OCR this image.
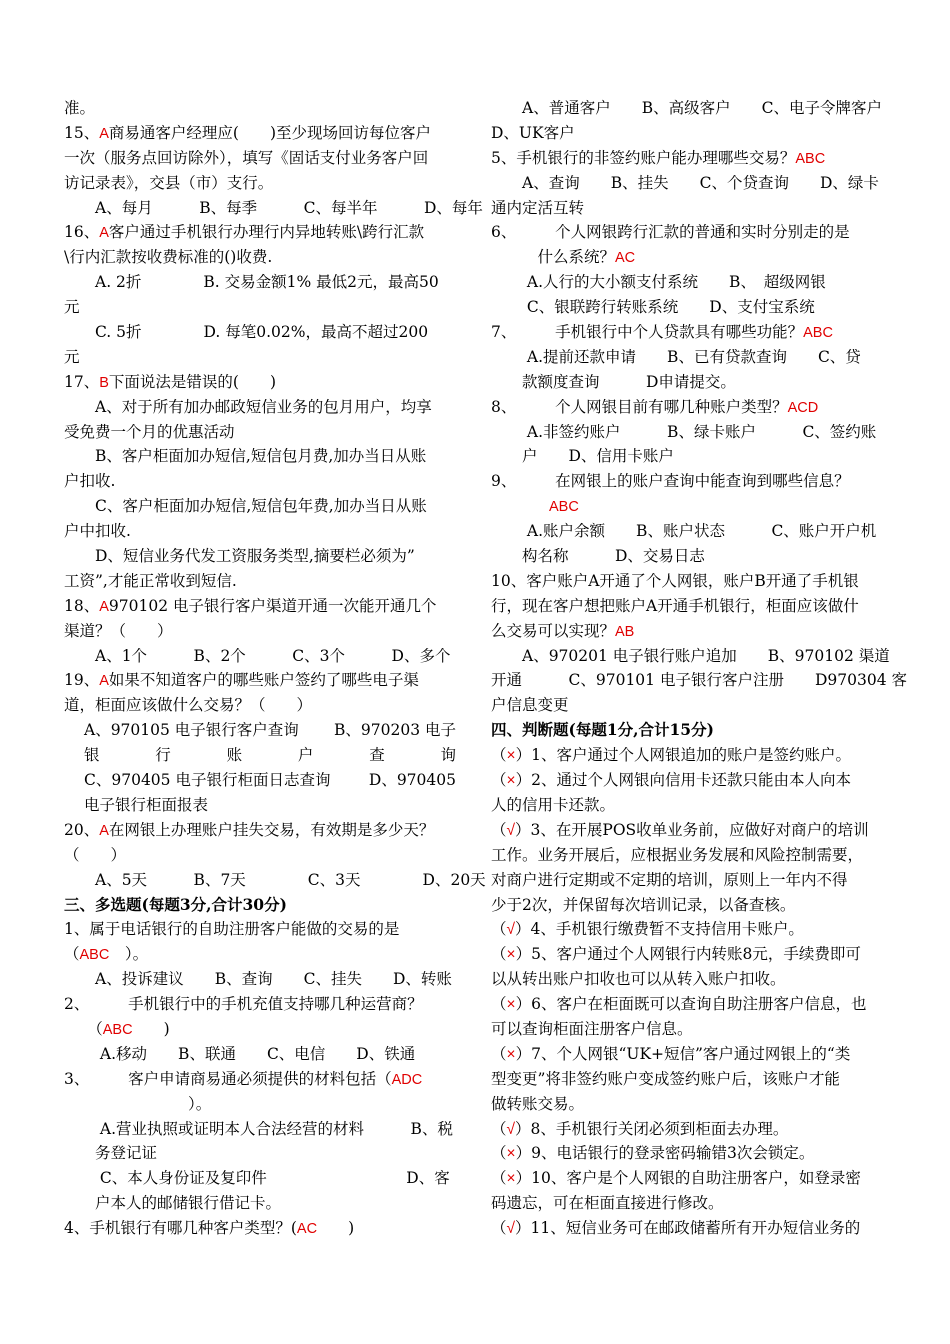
准。
15、A商易通客户经理应(　　)至少现场回访每位客户
一次（服务点回访除外），填写《固话支付业务客户回
访记录表》，交县（市）支行。
　　A、每月　　　B、每季　　　C、每半年　　　D、每年
16、A客户通过手机银行办理行内异地转账\跨行汇款
\行内汇款按收费标准的()收费.
　　A. 2折　　　　B. 交易金额1% 最低2元，最高50
元
　　C. 5折　　　　D. 每笔0.02%，最高不超过200
元
17、B下面说法是错误的(　　)
　　A、对于所有加办邮政短信业务的包月用户，均享
受免费一个月的优惠活动
　　B、客户柜面加办短信,短信包月费,加办当日从账
户扣收.
　　C、客户柜面加办短信,短信包年费,加办当日从账
户中扣收.
　　D、短信业务代发工资服务类型,摘要栏必须为”
工资”,才能正常收到短信.
18、A970102 电子银行客户渠道开通一次能开通几个
渠道？（　　）
　　A、1个　　　B、2个　　　C、3个　　　D、多个
19、A如果不知道客户的哪些账户签约了哪些电子渠
道，柜面应该做什么交易？（　　）
A、970105 电子银行客户查询 B、970203 电子
银	行	账	户	查	询
C、970405 电子银行柜面日志查询 D、970405
电子银行柜面报表
20、A在网银上办理账户挂失交易，有效期是多少天？
（　　）
　　A、5天　　　B、7天　　　　C、3天　　　　D、20天
三、多选题(每题3分,合计30分)
1、属于电话银行的自助注册客户能做的交易的是
（ABC　）。
　　A、投诉建议　　B、查询　　C、挂失　　D、转账
2、　　　手机银行中的手机充值支持哪几种运营商？
　　（ABC　　)
　　 A.移动　　B、联通　　C、电信　　D、铁通
3、　　　客户申请商易通必须提供的材料包括（ADC
　　　　　　　　）。
　　 A.营业执照或证明本人合法经营的材料　　　B、税
　　务登记证
　　 C、本人身份证及复印件　　　　　　　　　D、客
　　户本人的邮储银行借记卡。
4、手机银行有哪几种客户类型？(AC　　)
　　A、普通客户　　B、高级客户　　C、电子令牌客户
D、UK客户
5、手机银行的非签约账户能办理哪些交易？ABC
　　A、查询　　B、挂失　　C、个贷查询　　D、绿卡
通内定活互转
6、　　　个人网银跨行汇款的普通和实时分别走的是
　　　什么系统？AC
　　 A.人行的大小额支付系统　　B、　超级网银
　　 C、银联跨行转账系统　　D、支付宝系统
7、　　　手机银行中个人贷款具有哪些功能？ABC
　　 A.提前还款申请　　B、已有贷款查询　　C、贷
　　款额度查询　　　D申请提交。
8、　　　个人网银目前有哪几种账户类型？ACD
　　 A.非签约账户　　　B、绿卡账户　　　C、签约账
　　户　　D、信用卡账户
9、　　　在网银上的账户查询中能查询到哪些信息？
ABC
　　 A.账户余额　　B、账户状态　　　C、账户开户机
　　构名称　　　D、交易日志
10、客户账户A开通了个人网银，账户B开通了手机银
行，现在客户想把账户A开通手机银行，柜面应该做什
么交易可以实现？AB
　　A、970201 电子银行账户追加　　B、970102 渠道
开通　　　C、970101 电子银行客户注册　　D970304 客
户信息变更
四、判断题(每题1分,合计15分)
（×）1、客户通过个人网银追加的账户是签约账户。
（×）2、通过个人网银向信用卡还款只能由本人向本
人的信用卡还款。
（√）3、在开展POS收单业务前，应做好对商户的培训
工作。业务开展后，应根据业务发展和风险控制需要，
对商户进行定期或不定期的培训，原则上一年内不得
少于2次，并保留每次培训记录，以备查核。
（√）4、手机银行缴费暂不支持信用卡账户。
（×）5、客户通过个人网银行内转账8元，手续费即可
以从转出账户扣收也可以从转入账户扣收。
（×）6、客户在柜面既可以查询自助注册客户信息，也
可以查询柜面注册客户信息。
（×）7、个人网银“UK+短信”客户通过网银上的“类
型变更”将非签约账户变成签约账户后，该账户才能
做转账交易。
（√）8、手机银行关闭必须到柜面去办理。
（×）9、电话银行的登录密码输错3次会锁定。
（×）10、客户是个人网银的自助注册客户，如登录密
码遗忘，可在柜面直接进行修改。
（√）11、短信业务可在邮政储蓄所有开办短信业务的
